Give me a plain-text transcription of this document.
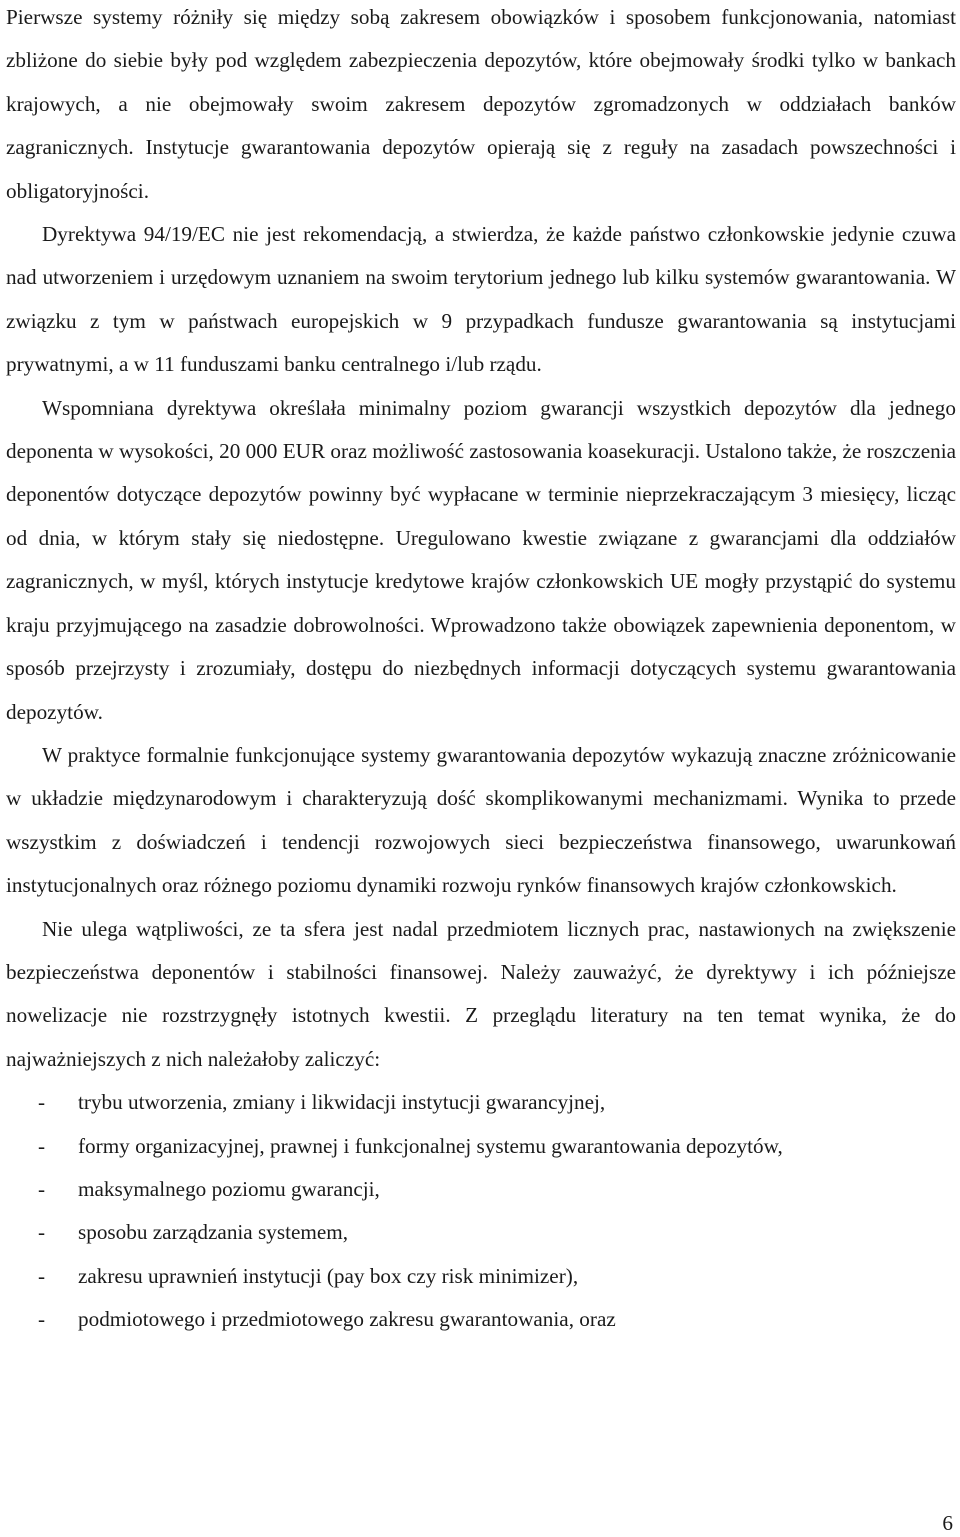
Pierwsze systemy różniły się między sobą zakresem obowiązków i sposobem funkcjonowania, natomiast zbliżone do siebie były pod względem zabezpieczenia depozytów, które obejmowały środki tylko w bankach krajowych, a nie obejmowały swoim zakresem depozytów zgromadzonych w oddziałach banków zagranicznych. Instytucje gwarantowania depozytów opierają się z reguły na zasadach powszechności i obligatoryjności.

Dyrektywa 94/19/EC nie jest rekomendacją, a stwierdza, że każde państwo członkowskie jedynie czuwa nad utworzeniem i urzędowym uznaniem na swoim terytorium jednego lub kilku systemów gwarantowania. W związku z tym w państwach europejskich w 9 przypadkach fundusze gwarantowania są instytucjami prywatnymi, a w 11 funduszami banku centralnego i/lub rządu.

Wspomniana dyrektywa określała minimalny poziom gwarancji wszystkich depozytów dla jednego deponenta w wysokości, 20 000 EUR oraz możliwość zastosowania koasekuracji. Ustalono także, że roszczenia deponentów dotyczące depozytów powinny być wypłacane w terminie nieprzekraczającym 3 miesięcy, licząc od dnia, w którym stały się niedostępne. Uregulowano kwestie związane z gwarancjami dla oddziałów zagranicznych, w myśl, których instytucje kredytowe krajów członkowskich UE mogły przystąpić do systemu kraju przyjmującego na zasadzie dobrowolności. Wprowadzono także obowiązek zapewnienia deponentom, w sposób przejrzysty i zrozumiały, dostępu do niezbędnych informacji dotyczących systemu gwarantowania depozytów.

W praktyce formalnie funkcjonujące systemy gwarantowania depozytów wykazują znaczne zróżnicowanie w układzie międzynarodowym i charakteryzują dość skomplikowanymi mechanizmami. Wynika to przede wszystkim z doświadczeń i tendencji rozwojowych sieci bezpieczeństwa finansowego, uwarunkowań instytucjonalnych oraz różnego poziomu dynamiki rozwoju rynków finansowych krajów członkowskich.

Nie ulega wątpliwości, ze ta sfera jest nadal przedmiotem licznych prac, nastawionych na zwiększenie bezpieczeństwa deponentów i stabilności finansowej. Należy zauważyć, że dyrektywy i ich późniejsze nowelizacje nie rozstrzygnęły istotnych kwestii. Z przeglądu literatury na ten temat wynika, że do najważniejszych z nich należałoby zaliczyć:

- trybu utworzenia, zmiany i likwidacji instytucji gwarancyjnej,
- formy organizacyjnej, prawnej i funkcjonalnej systemu gwarantowania depozytów,
- maksymalnego poziomu gwarancji,
- sposobu zarządzania systemem,
- zakresu uprawnień instytucji (pay box czy risk minimizer),
- podmiotowego i przedmiotowego zakresu gwarantowania, oraz
6
